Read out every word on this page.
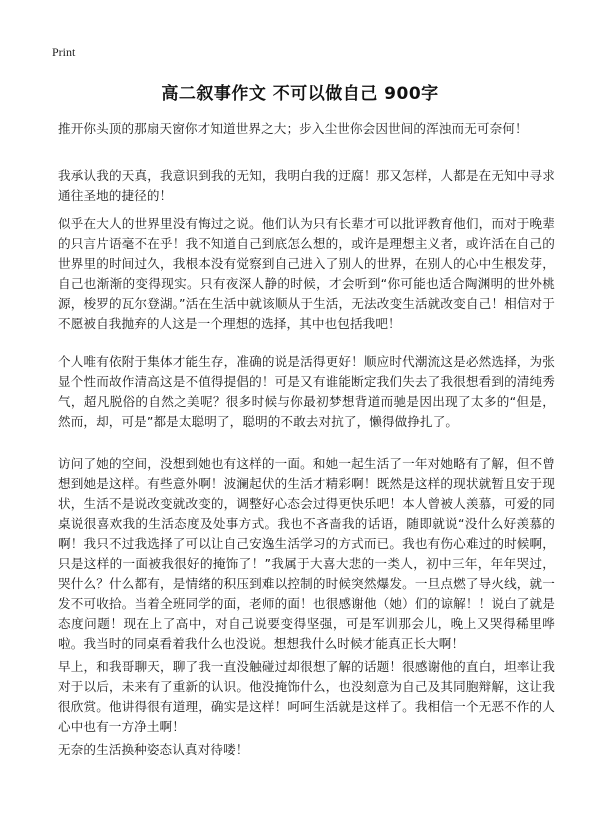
Print
高二叙事作文 不可以做自己 900字
推开你头顶的那扇天窗你才知道世界之大；步入尘世你会因世间的浑浊而无可奈何！
我承认我的天真，我意识到我的无知，我明白我的迂腐！那又怎样，人都是在无知中寻求通往圣地的捷径的！
似乎在大人的世界里没有悔过之说。他们认为只有长辈才可以批评教育他们，而对于晚辈的只言片语毫不在乎！我不知道自己到底怎么想的，或许是理想主义者，或许活在自己的世界里的时间过久，我根本没有觉察到自己进入了别人的世界，在别人的心中生根发芽，自己也渐渐的变得现实。只有夜深人静的时候，才会听到“你可能也适合陶渊明的世外桃源，梭罗的瓦尔登湖。”活在生活中就该顺从于生活，无法改变生活就改变自己！相信对于不愿被自我抛弃的人这是一个理想的选择，其中也包括我吧！
个人唯有依附于集体才能生存，准确的说是活得更好！顺应时代潮流这是必然选择，为张显个性而故作清高这是不值得提倡的！可是又有谁能断定我们失去了我很想看到的清纯秀气，超凡脱俗的自然之美呢？很多时候与你最初梦想背道而驰是因出现了太多的“但是，然而，却，可是”都是太聪明了，聪明的不敢去对抗了，懒得做挣扎了。
访问了她的空间，没想到她也有这样的一面。和她一起生活了一年对她略有了解，但不曾想到她是这样。有些意外啊！波澜起伏的生活才精彩啊！既然是这样的现状就暂且安于现状，生活不是说改变就改变的，调整好心态会过得更快乐吧！本人曾被人羡慕，可爱的同桌说很喜欢我的生活态度及处事方式。我也不吝啬我的话语，随即就说“没什么好羡慕的啊！我只不过我选择了可以让自己安逸生活学习的方式而已。我也有伤心难过的时候啊，只是这样的一面被我很好的掩饰了！”我属于大喜大悲的一类人，初中三年，年年哭过，哭什么？什么都有，是情绪的积压到难以控制的时候突然爆发。一旦点燃了导火线，就一发不可收拾。当着全班同学的面，老师的面！也很感谢他（她）们的谅解！！说白了就是态度问题！现在上了高中，对自己说要变得坚强，可是军训那会儿，晚上又哭得稀里哗啦。我当时的同桌看着我什么也没说。想想我什么时候才能真正长大啊！
早上，和我哥聊天，聊了我一直没触碰过却很想了解的话题！很感谢他的直白，坦率让我对于以后，未来有了重新的认识。他没掩饰什么，也没刻意为自己及其同胞辩解，这让我很欣赏。他讲得很有道理，确实是这样！呵呵生活就是这样了。我相信一个无恶不作的人心中也有一方净土啊！
无奈的生活换种姿态认真对待喽！
